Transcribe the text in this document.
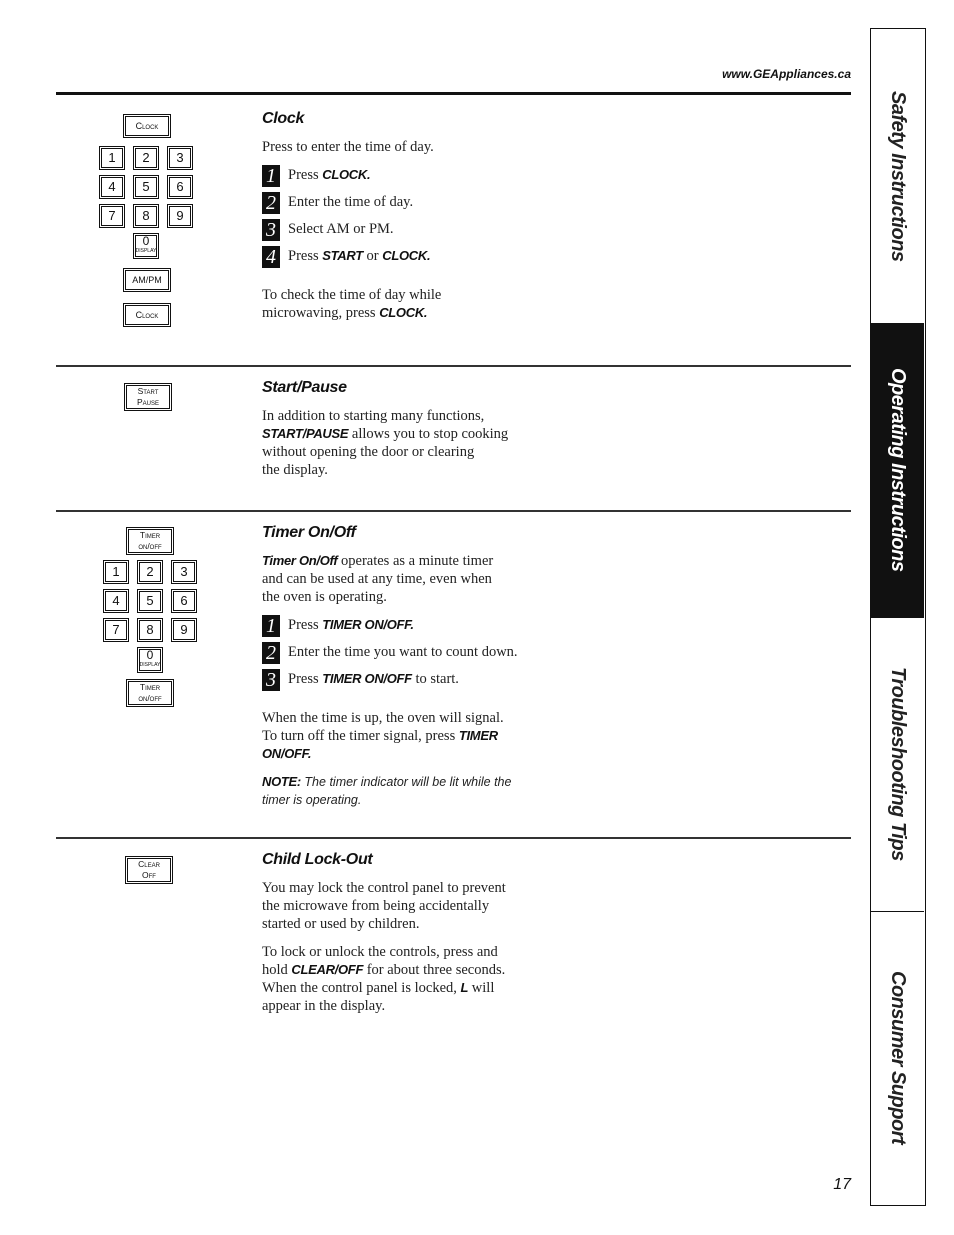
www.GEAppliances.ca
Clock
1	2	3
4	5	6
7	8	9
0
DISPLAY
AM/PM
Clock
Clock
Press to enter the time of day.
1 Press CLOCK.
2 Enter the time of day.
3 Select AM or PM.
4 Press START or CLOCK.
To check the time of day while
microwaving, press CLOCK.
Start
Pause
Start/Pause
In addition to starting many functions,
START/PAUSE allows you to stop cooking
without opening the door or clearing
the display.
Timer
on/off
1	2	3
4	5	6
7	8	9
0
DISPLAY
Timer
on/off
Timer On/Off
Timer On/Off operates as a minute timer
and can be used at any time, even when
the oven is operating.
1 Press TIMER ON/OFF.
2 Enter the time you want to count down.
3 Press TIMER ON/OFF to start.
When the time is up, the oven will signal.
To turn off the timer signal, press TIMER
ON/OFF.
NOTE: The timer indicator will be lit while the
timer is operating.
Clear
Off
Child Lock-Out
You may lock the control panel to prevent
the microwave from being accidentally
started or used by children.
To lock or unlock the controls, press and
hold CLEAR/OFF for about three seconds.
When the control panel is locked, L will
appear in the display.
Safety Instructions
Operating Instructions
Troubleshooting Tips
Consumer Support
17
